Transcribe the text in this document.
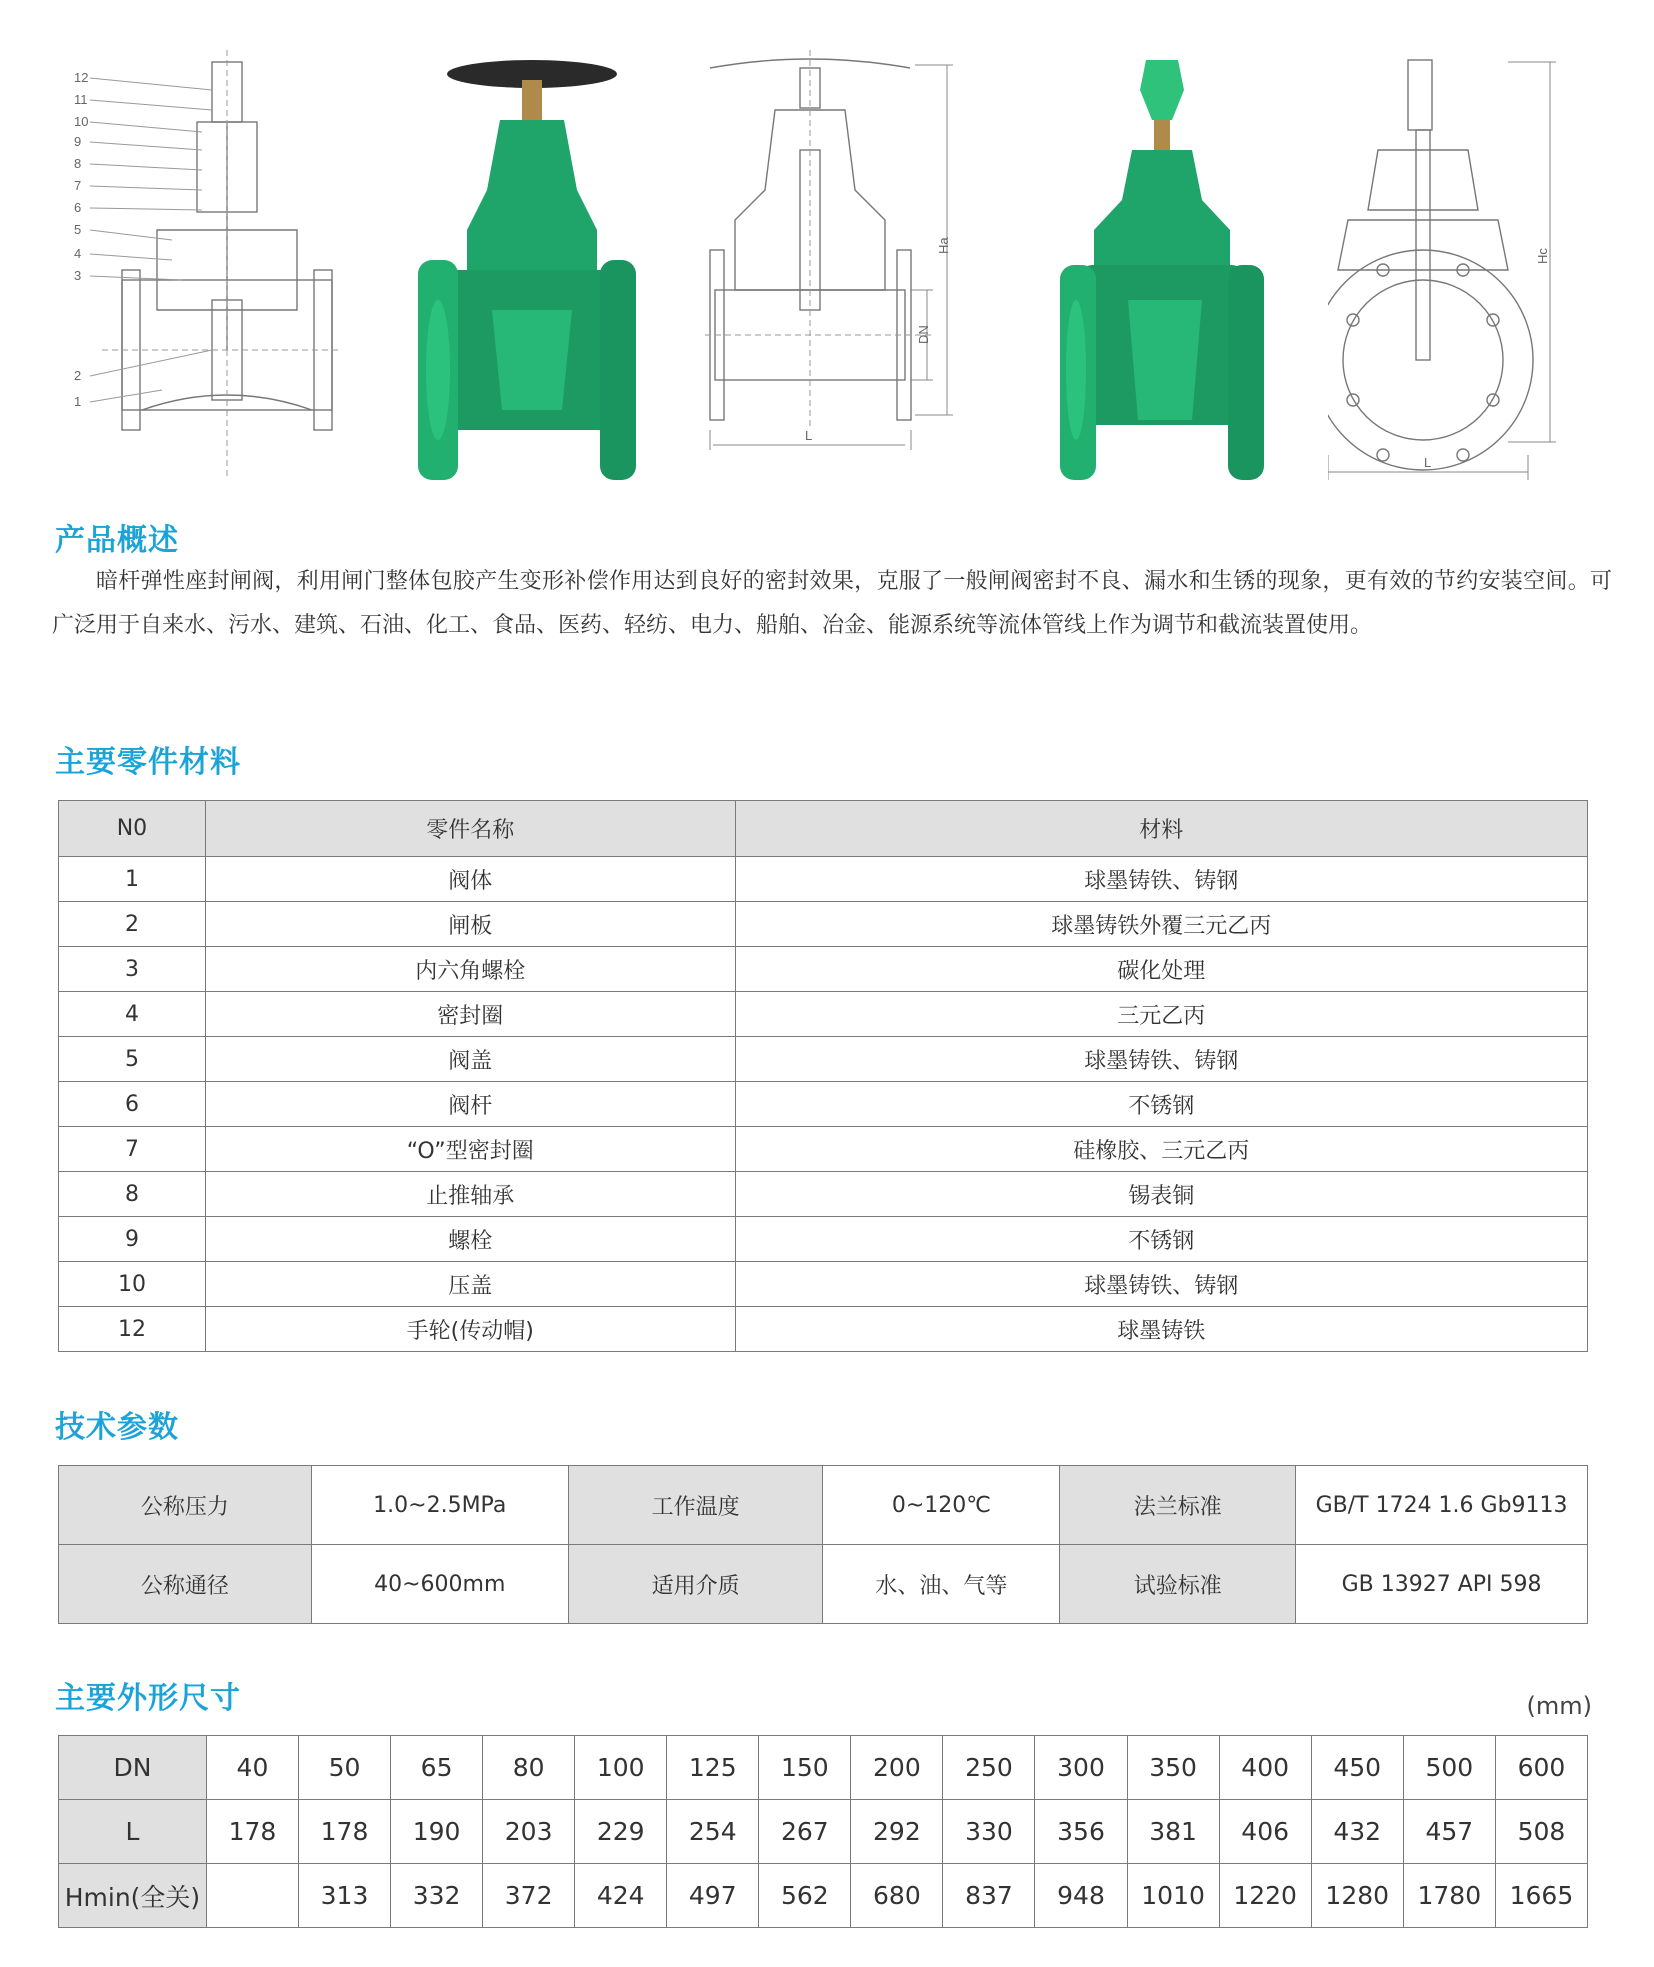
12
11
10
9
8
7
6
5
4
3
2
1
DN
Ha
L
Hc
L
产品概述
暗杆弹性座封闸阀，利用闸门整体包胶产生变形补偿作用达到良好的密封效果，克服了一般闸阀密封不良、漏水和生锈的现象，更有效的节约安装空间。可广泛用于自来水、污水、建筑、石油、化工、食品、医药、轻纺、电力、船舶、冶金、能源系统等流体管线上作为调节和截流装置使用。
主要零件材料
N0	零件名称	材料
1	阀体	球墨铸铁、铸钢
2	闸板	球墨铸铁外覆三元乙丙
3	内六角螺栓	碳化处理
4	密封圈	三元乙丙
5	阀盖	球墨铸铁、铸钢
6	阀杆	不锈钢
7	“O”型密封圈	硅橡胶、三元乙丙
8	止推轴承	锡表铜
9	螺栓	不锈钢
10	压盖	球墨铸铁、铸钢
12	手轮(传动帽)	球墨铸铁
技术参数
公称压力	1.0~2.5MPa	工作温度	0~120℃	法兰标准	GB/T 1724 1.6 Gb9113
公称通径	40~600mm	适用介质	水、油、气等	试验标准	GB 13927 API 598
主要外形尺寸	(mm)
DN	40	50	65	80	100	125	150	200	250	300	350	400	450	500	600
L	178	178	190	203	229	254	267	292	330	356	381	406	432	457	508
Hmin(全关)		313	332	372	424	497	562	680	837	948	1010	1220	1280	1780	1665
